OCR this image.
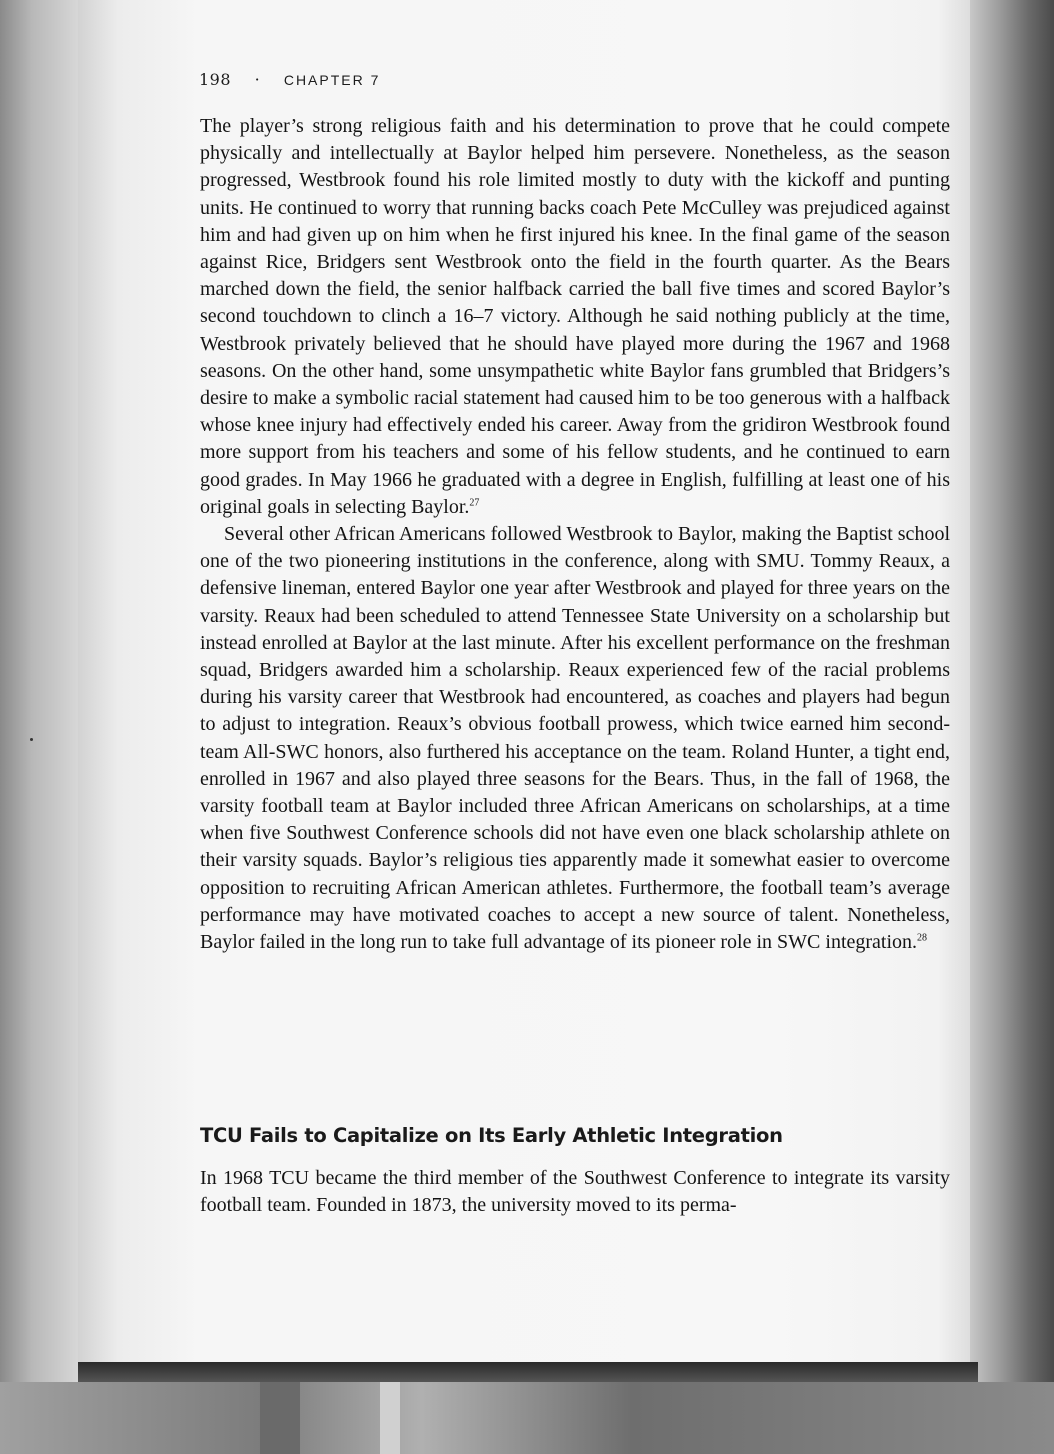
198 · CHAPTER 7

The player’s strong religious faith and his determination to prove that he could compete physically and intellectually at Baylor helped him persevere. Nonetheless, as the season progressed, Westbrook found his role limited mostly to duty with the kickoff and punting units. He continued to worry that running backs coach Pete McCulley was prejudiced against him and had given up on him when he first injured his knee. In the final game of the season against Rice, Bridgers sent Westbrook onto the field in the fourth quarter. As the Bears marched down the field, the senior halfback carried the ball five times and scored Baylor’s second touchdown to clinch a 16–7 victory. Although he said nothing publicly at the time, Westbrook privately believed that he should have played more during the 1967 and 1968 seasons. On the other hand, some unsympathetic white Baylor fans grumbled that Bridgers’s desire to make a symbolic racial statement had caused him to be too generous with a halfback whose knee injury had effectively ended his career. Away from the gridiron Westbrook found more support from his teachers and some of his fellow students, and he continued to earn good grades. In May 1966 he graduated with a degree in English, fulfilling at least one of his original goals in selecting Baylor.$^{27}$

Several other African Americans followed Westbrook to Baylor, making the Baptist school one of the two pioneering institutions in the conference, along with SMU. Tommy Reaux, a defensive lineman, entered Baylor one year after Westbrook and played for three years on the varsity. Reaux had been scheduled to attend Tennessee State University on a scholarship but instead enrolled at Baylor at the last minute. After his excellent performance on the freshman squad, Bridgers awarded him a scholarship. Reaux experienced few of the racial problems during his varsity career that Westbrook had encountered, as coaches and players had begun to adjust to integration. Reaux’s obvious football prowess, which twice earned him second-team All-SWC honors, also furthered his acceptance on the team. Roland Hunter, a tight end, enrolled in 1967 and also played three seasons for the Bears. Thus, in the fall of 1968, the varsity football team at Baylor included three African Americans on scholarships, at a time when five Southwest Conference schools did not have even one black scholarship athlete on their varsity squads. Baylor’s religious ties apparently made it somewhat easier to overcome opposition to recruiting African American athletes. Furthermore, the football team’s average performance may have motivated coaches to accept a new source of talent. Nonetheless, Baylor failed in the long run to take full advantage of its pioneer role in SWC integration.$^{28}$

TCU Fails to Capitalize on Its Early Athletic Integration

In 1968 TCU became the third member of the Southwest Conference to integrate its varsity football team. Founded in 1873, the university moved to its perma-
